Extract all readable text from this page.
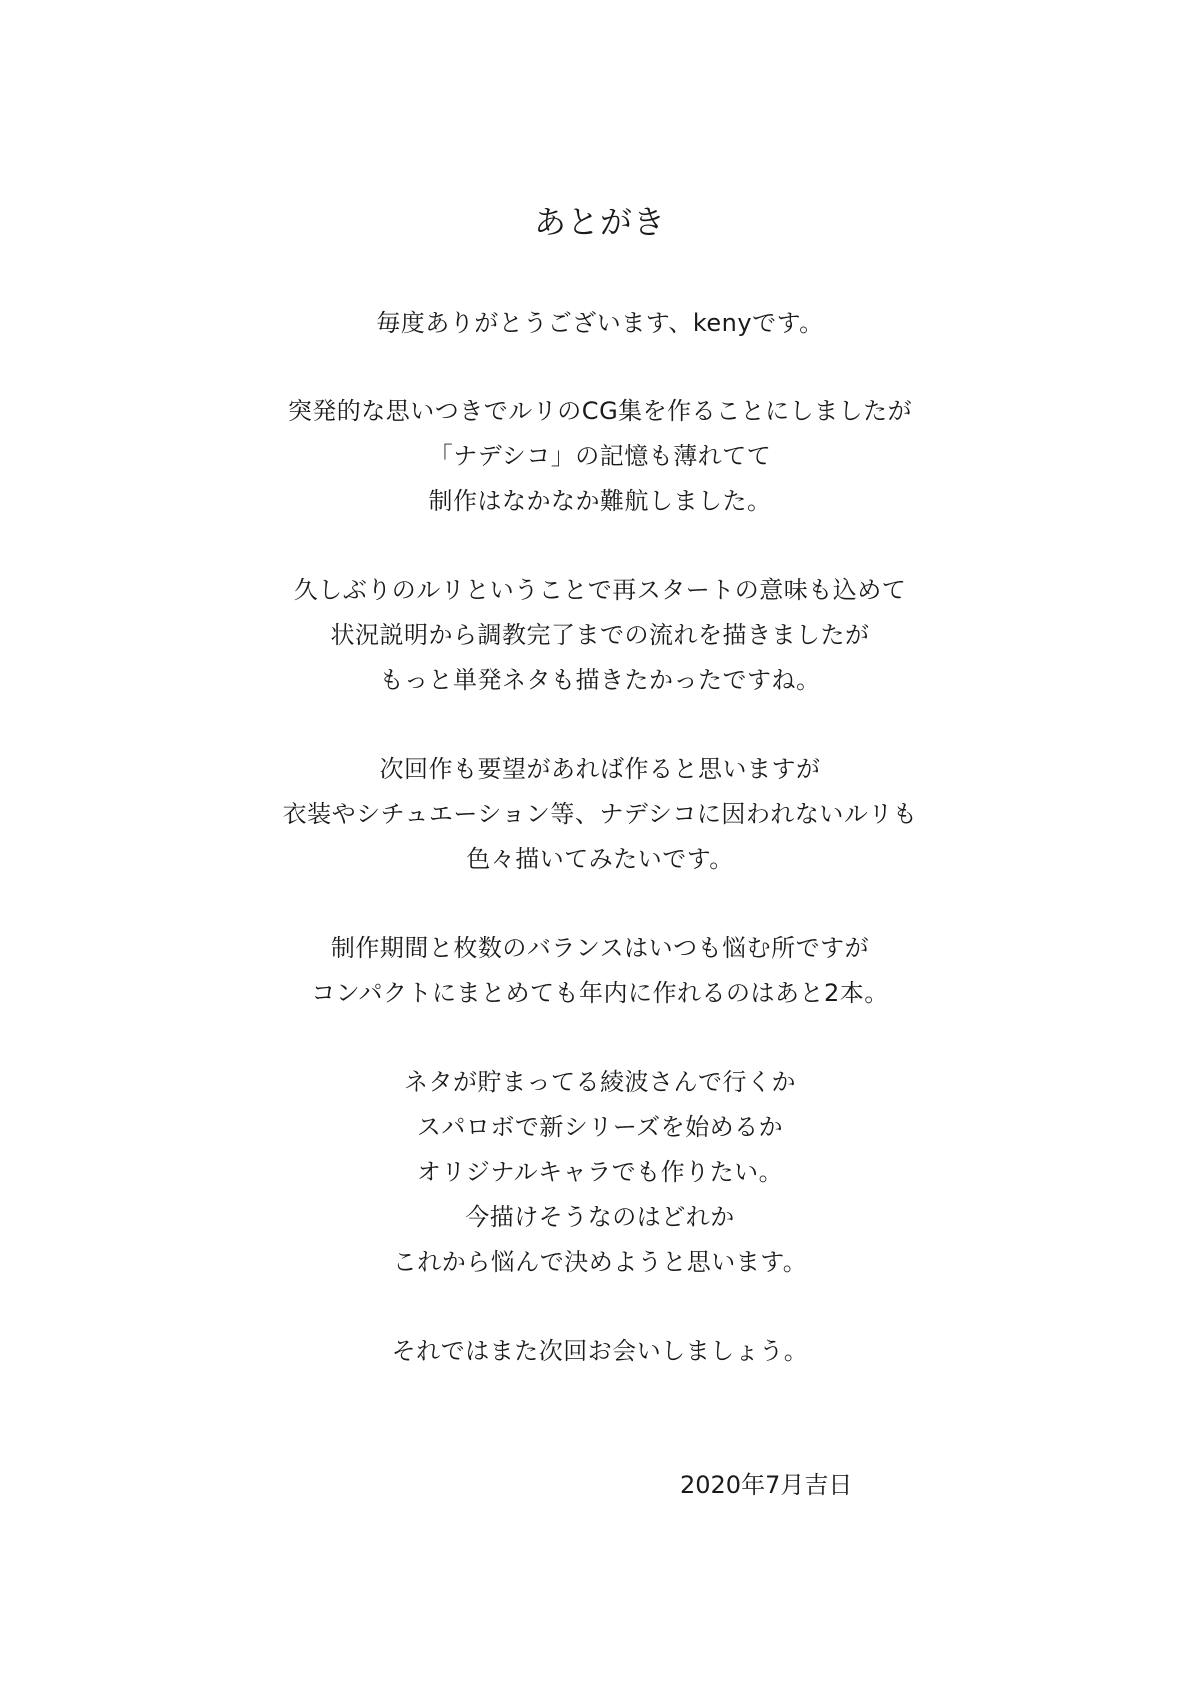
あとがき
毎度ありがとうございます、kenyです。
突発的な思いつきでルリのCG集を作ることにしましたが
「ナデシコ」の記憶も薄れてて
制作はなかなか難航しました。
久しぶりのルリということで再スタートの意味も込めて
状況説明から調教完了までの流れを描きましたが
もっと単発ネタも描きたかったですね。
次回作も要望があれば作ると思いますが
衣装やシチュエーション等、ナデシコに因われないルリも
色々描いてみたいです。
制作期間と枚数のバランスはいつも悩む所ですが
コンパクトにまとめても年内に作れるのはあと2本。
ネタが貯まってる綾波さんで行くか
スパロボで新シリーズを始めるか
オリジナルキャラでも作りたい。
今描けそうなのはどれか
これから悩んで決めようと思います。
それではまた次回お会いしましょう。
2020年7月吉日
